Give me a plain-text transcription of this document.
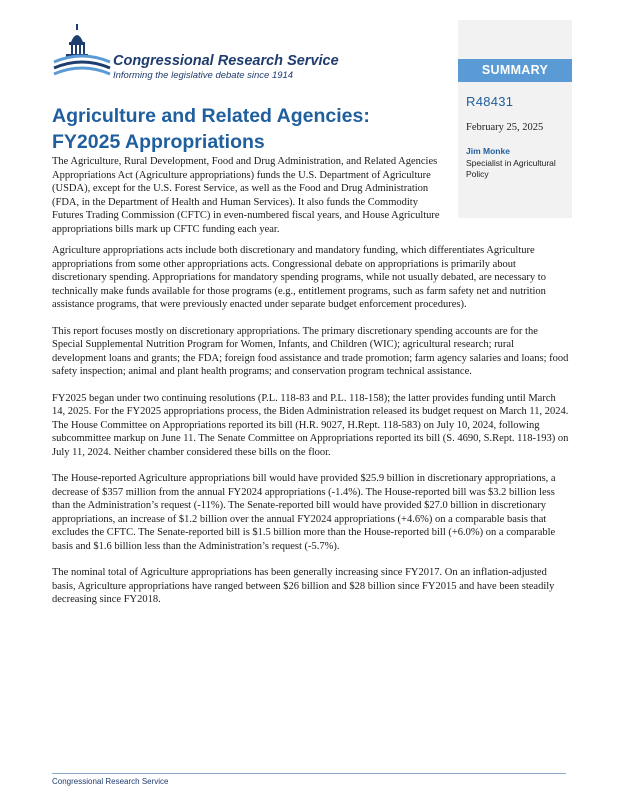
Congressional Research Service
Informing the legislative debate since 1914	SUMMARY
R48431
February 25, 2025
Jim Monke
Specialist in Agricultural Policy
Agriculture and Related Agencies:
FY2025 Appropriations

The Agriculture, Rural Development, Food and Drug Administration, and Related Agencies Appropriations Act (Agriculture appropriations) funds the U.S. Department of Agriculture (USDA), except for the U.S. Forest Service, as well as the Food and Drug Administration (FDA, in the Department of Health and Human Services). It also funds the Commodity Futures Trading Commission (CFTC) in even-numbered fiscal years, and House Agriculture appropriations bills mark up CFTC funding each year.

Agriculture appropriations acts include both discretionary and mandatory funding, which differentiates Agriculture appropriations from some other appropriations acts. Congressional debate on appropriations is primarily about discretionary spending. Appropriations for mandatory spending programs, while not usually debated, are necessary to technically make funds available for those programs (e.g., entitlement programs, such as farm safety net and nutrition assistance programs, that were previously enacted under separate budget enforcement procedures).

This report focuses mostly on discretionary appropriations. The primary discretionary spending accounts are for the Special Supplemental Nutrition Program for Women, Infants, and Children (WIC); agricultural research; rural development loans and grants; the FDA; foreign food assistance and trade promotion; farm agency salaries and loans; food safety inspection; animal and plant health programs; and conservation program technical assistance.

FY2025 began under two continuing resolutions (P.L. 118-83 and P.L. 118-158); the latter provides funding until March 14, 2025. For the FY2025 appropriations process, the Biden Administration released its budget request on March 11, 2024. The House Committee on Appropriations reported its bill (H.R. 9027, H.Rept. 118-583) on July 10, 2024, following subcommittee markup on June 11. The Senate Committee on Appropriations reported its bill (S. 4690, S.Rept. 118-193) on July 11, 2024. Neither chamber considered these bills on the floor.

The House-reported Agriculture appropriations bill would have provided $25.9 billion in discretionary appropriations, a decrease of $357 million from the annual FY2024 appropriations (-1.4%). The House-reported bill was $3.2 billion less than the Administration’s request (-11%). The Senate-reported bill would have provided $27.0 billion in discretionary appropriations, an increase of $1.2 billion over the annual FY2024 appropriations (+4.6%) on a comparable basis that excludes the CFTC. The Senate-reported bill is $1.5 billion more than the House-reported bill (+6.0%) on a comparable basis and $1.6 billion less than the Administration’s request (-5.7%).

The nominal total of Agriculture appropriations has been generally increasing since FY2017. On an inflation-adjusted basis, Agriculture appropriations have ranged between $26 billion and $28 billion since FY2015 and have been steadily decreasing since FY2018.

Congressional Research Service
